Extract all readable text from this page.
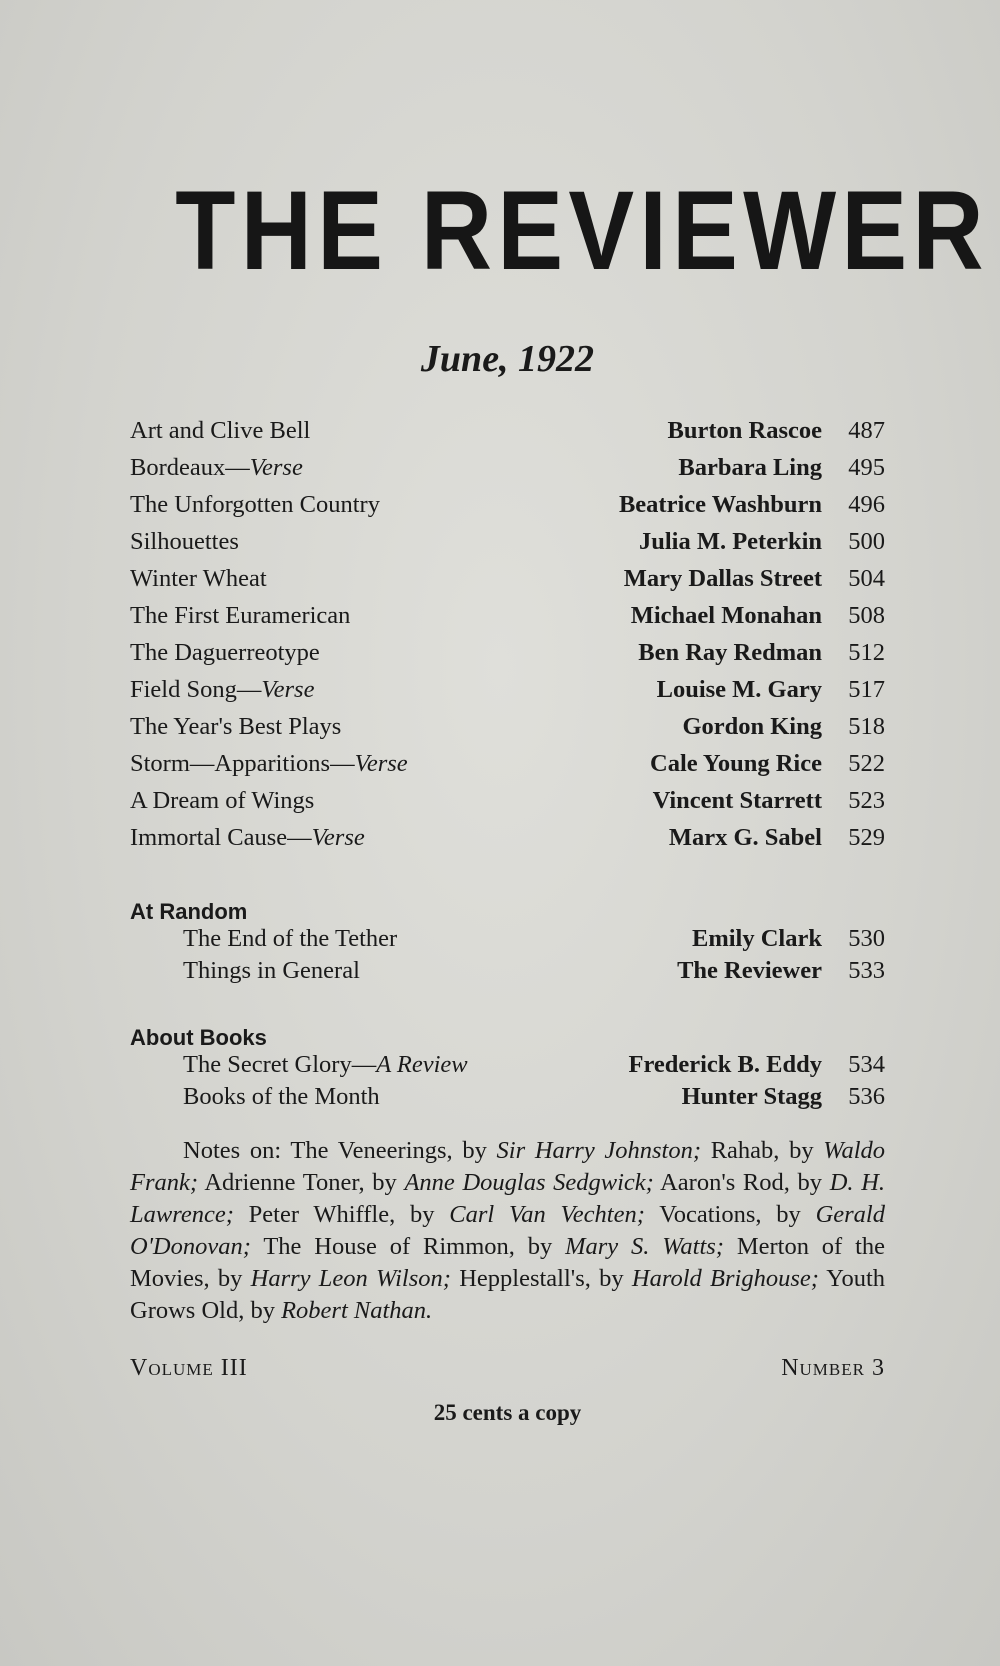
THE REVIEWER
June, 1922
Art and Clive Bell	Burton Rascoe	487
Bordeaux—Verse	Barbara Ling	495
The Unforgotten Country	Beatrice Washburn	496
Silhouettes	Julia M. Peterkin	500
Winter Wheat	Mary Dallas Street	504
The First Euramerican	Michael Monahan	508
The Daguerreotype	Ben Ray Redman	512
Field Song—Verse	Louise M. Gary	517
The Year's Best Plays	Gordon King	518
Storm—Apparitions—Verse	Cale Young Rice	522
A Dream of Wings	Vincent Starrett	523
Immortal Cause—Verse	Marx G. Sabel	529
At Random
The End of the Tether	Emily Clark	530
Things in General	The Reviewer	533
About Books
The Secret Glory—A Review	Frederick B. Eddy	534
Books of the Month	Hunter Stagg	536

Notes on: The Veneerings, by Sir Harry Johnston; Rahab, by Waldo Frank; Adrienne Toner, by Anne Douglas Sedgwick; Aaron's Rod, by D. H. Lawrence; Peter Whiffle, by Carl Van Vechten; Vocations, by Gerald O'Donovan; The House of Rimmon, by Mary S. Watts; Merton of the Movies, by Harry Leon Wilson; Hepplestall's, by Harold Brighouse; Youth Grows Old, by Robert Nathan.

Volume III	Number 3
25 cents a copy
